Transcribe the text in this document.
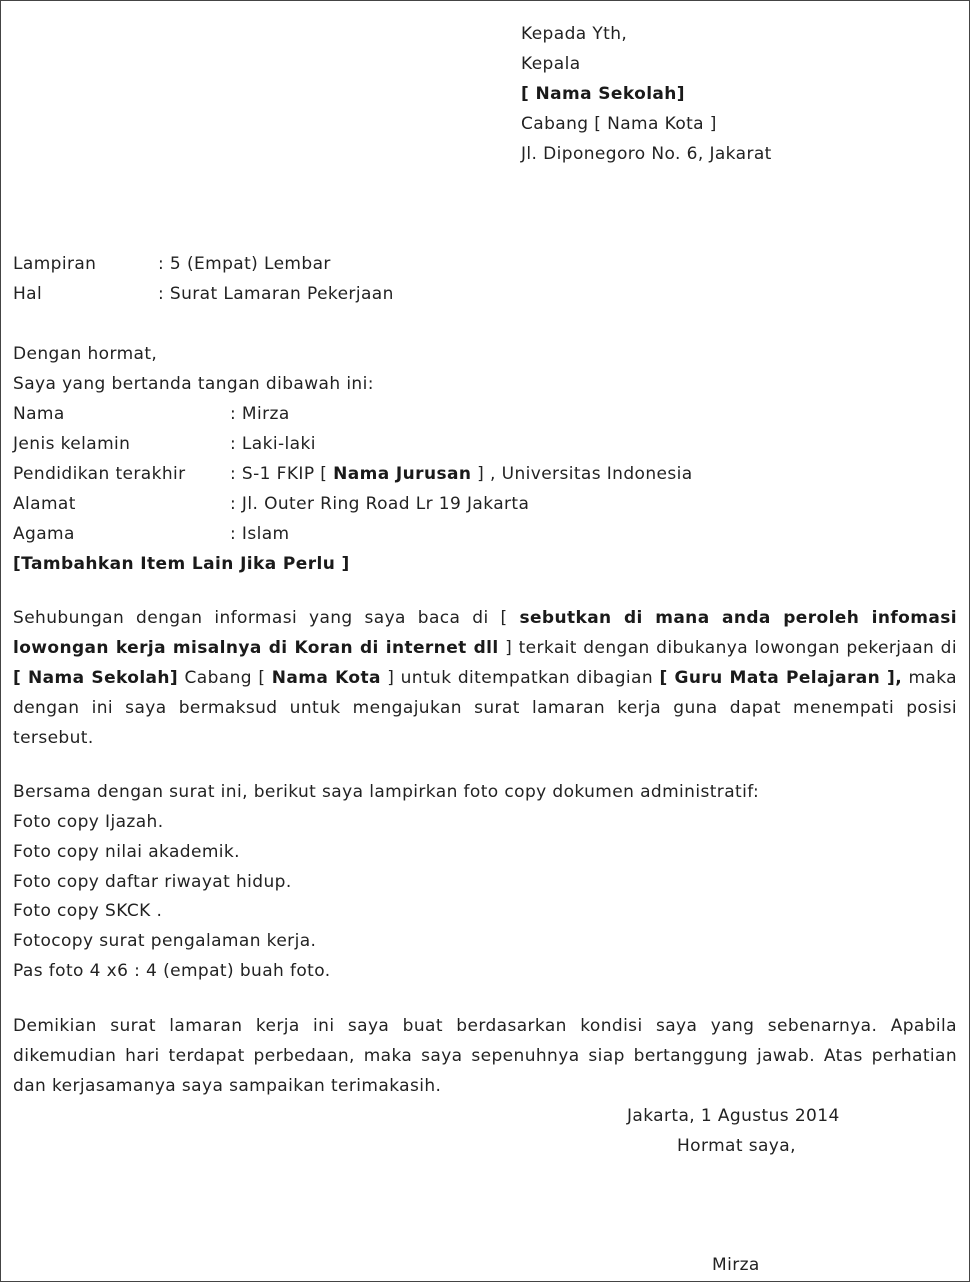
Kepada Yth,
Kepala
[ Nama Sekolah]
Cabang [ Nama Kota ]
Jl. Diponegoro No. 6, Jakarat
Lampiran	: 5 (Empat) Lembar
Hal	: Surat Lamaran Pekerjaan
Dengan hormat,
Saya yang bertanda tangan dibawah ini:
Nama	: Mirza
Jenis kelamin	: Laki-laki
Pendidikan terakhir	: S-1 FKIP [ Nama Jurusan ] , Universitas Indonesia
Alamat	: Jl. Outer Ring Road Lr 19 Jakarta
Agama	: Islam
[Tambahkan Item Lain Jika Perlu ]
Sehubungan dengan informasi yang saya baca di [ sebutkan di mana anda peroleh infomasi lowongan kerja misalnya di Koran di internet dll ] terkait dengan dibukanya lowongan pekerjaan di [ Nama Sekolah] Cabang [ Nama Kota ] untuk ditempatkan dibagian [ Guru Mata Pelajaran ], maka dengan ini saya bermaksud untuk mengajukan surat lamaran kerja guna dapat menempati posisi tersebut.
Bersama dengan surat ini, berikut saya lampirkan foto copy dokumen administratif:
Foto copy Ijazah.
Foto copy nilai akademik.
Foto copy daftar riwayat hidup.
Foto copy SKCK .
Fotocopy surat pengalaman kerja.
Pas foto 4 x6 : 4 (empat) buah foto.
Demikian surat lamaran kerja ini saya buat berdasarkan kondisi saya yang sebenarnya. Apabila dikemudian hari terdapat perbedaan, maka saya sepenuhnya siap bertanggung jawab. Atas perhatian dan kerjasamanya saya sampaikan terimakasih.
Jakarta, 1 Agustus 2014
Hormat saya,
Mirza
